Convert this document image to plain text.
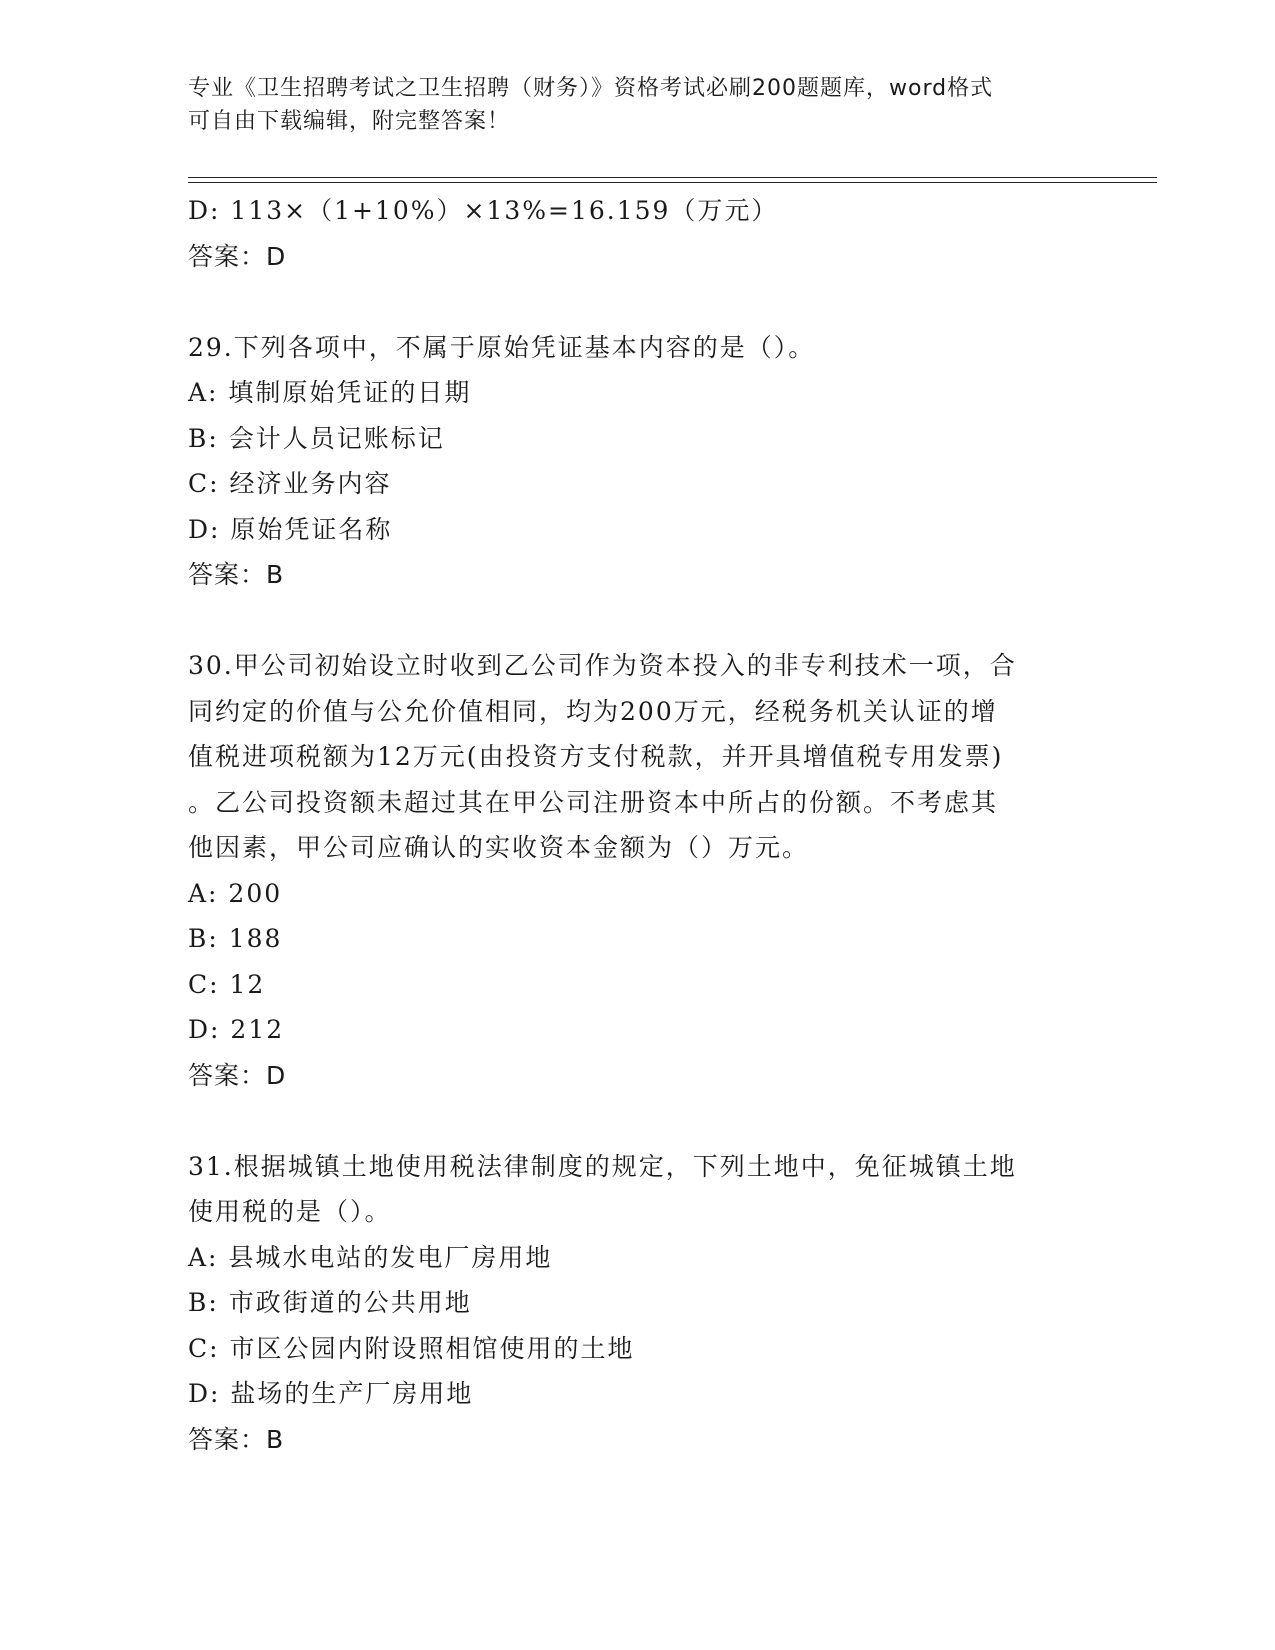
专业《卫生招聘考试之卫生招聘（财务）》资格考试必刷200题题库，word格式
可自由下载编辑，附完整答案！
D: 113×（1+10%）×13%=16.159（万元）
答案：D
29.下列各项中，不属于原始凭证基本内容的是（）。
A: 填制原始凭证的日期
B: 会计人员记账标记
C: 经济业务内容
D: 原始凭证名称
答案：B
30.甲公司初始设立时收到乙公司作为资本投入的非专利技术一项，合
同约定的价值与公允价值相同，均为200万元，经税务机关认证的增
值税进项税额为12万元(由投资方支付税款，并开具增值税专用发票)
。乙公司投资额未超过其在甲公司注册资本中所占的份额。不考虑其
他因素，甲公司应确认的实收资本金额为（）万元。
A: 200
B: 188
C: 12
D: 212
答案：D
31.根据城镇土地使用税法律制度的规定，下列土地中，免征城镇土地
使用税的是（）。
A: 县城水电站的发电厂房用地
B: 市政街道的公共用地
C: 市区公园内附设照相馆使用的土地
D: 盐场的生产厂房用地
答案：B
